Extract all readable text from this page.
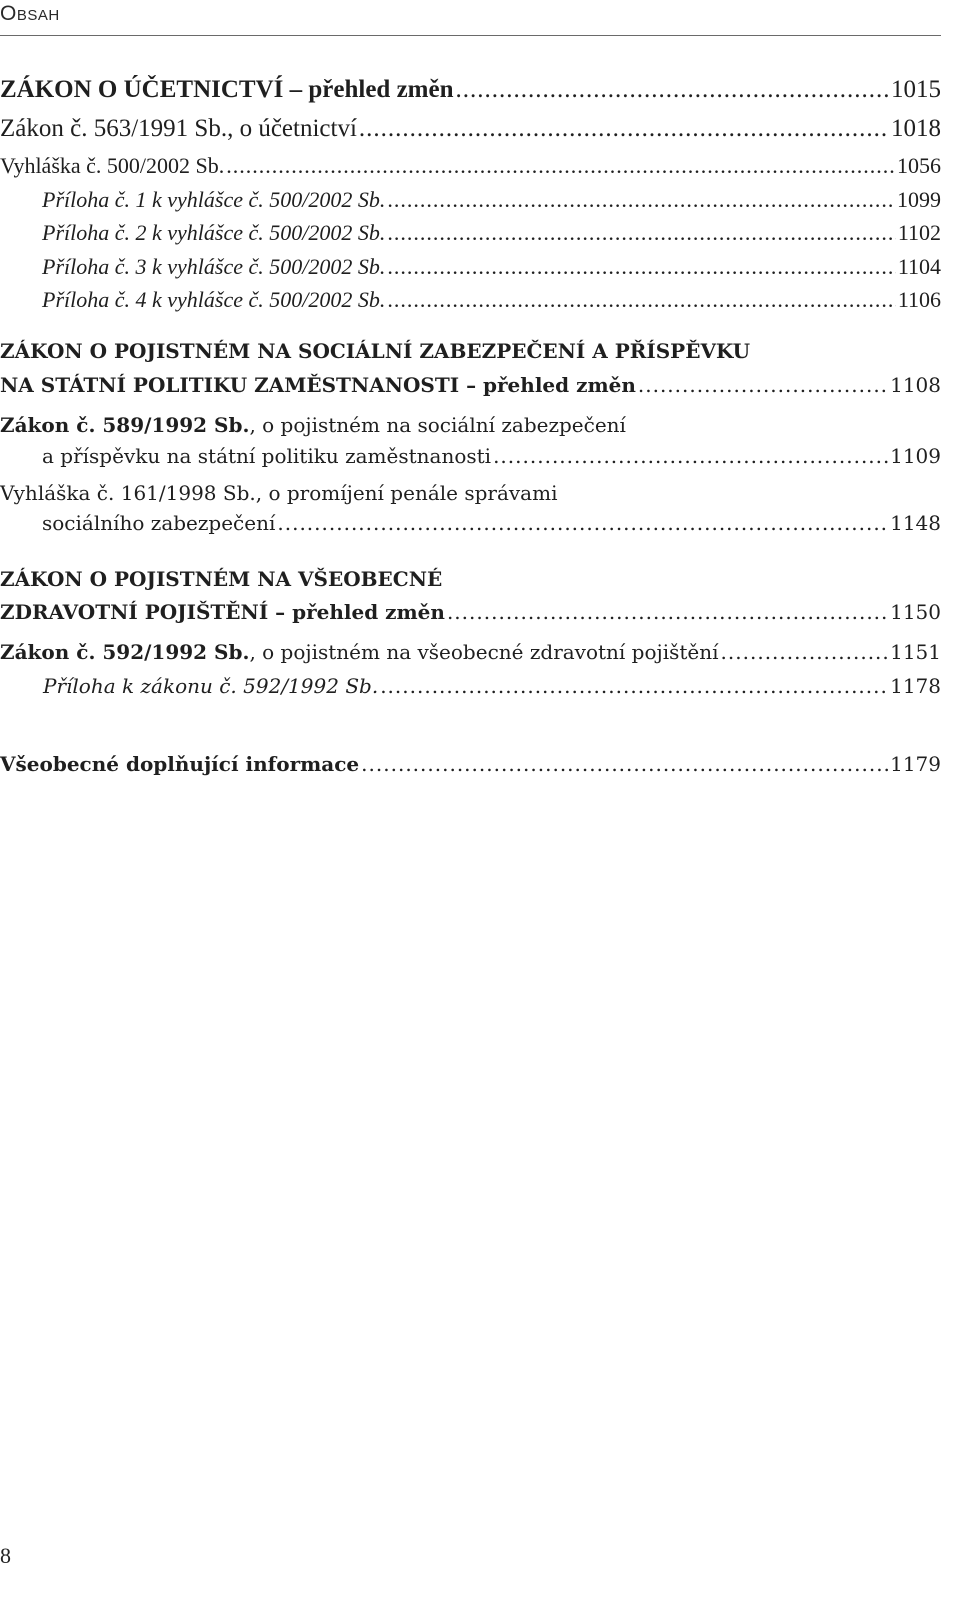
Obsah
ZÁKON O ÚČETNICTVÍ – přehled změn .....	1015
Zákon č. 563/1991 Sb., o účetnictví .....	1018
Vyhláška č. 500/2002 Sb. .....	1056
Příloha č. 1 k vyhlášce č. 500/2002 Sb. .....	1099
Příloha č. 2 k vyhlášce č. 500/2002 Sb. .....	1102
Příloha č. 3 k vyhlášce č. 500/2002 Sb. .....	1104
Příloha č. 4 k vyhlášce č. 500/2002 Sb. .....	1106
ZÁKON O POJISTNÉM NA SOCIÁLNÍ ZABEZPEČENÍ A PŘÍSPĚVKU
NA STÁTNÍ POLITIKU ZAMĚSTNANOSTI – přehled změn .....	1108
Zákon č. 589/1992 Sb., o pojistném na sociální zabezpečení
a příspěvku na státní politiku zaměstnanosti .....	1109
Vyhláška č. 161/1998 Sb., o promíjení penále správami
sociálního zabezpečení .....	1148
ZÁKON O POJISTNÉM NA VŠEOBECNÉ
ZDRAVOTNÍ POJIŠTĚNÍ – přehled změn .....	1150
Zákon č. 592/1992 Sb., o pojistném na všeobecné zdravotní pojištění .....	1151
Příloha k zákonu č. 592/1992 Sb. .....	1178
Všeobecné doplňující informace .....	1179
8
